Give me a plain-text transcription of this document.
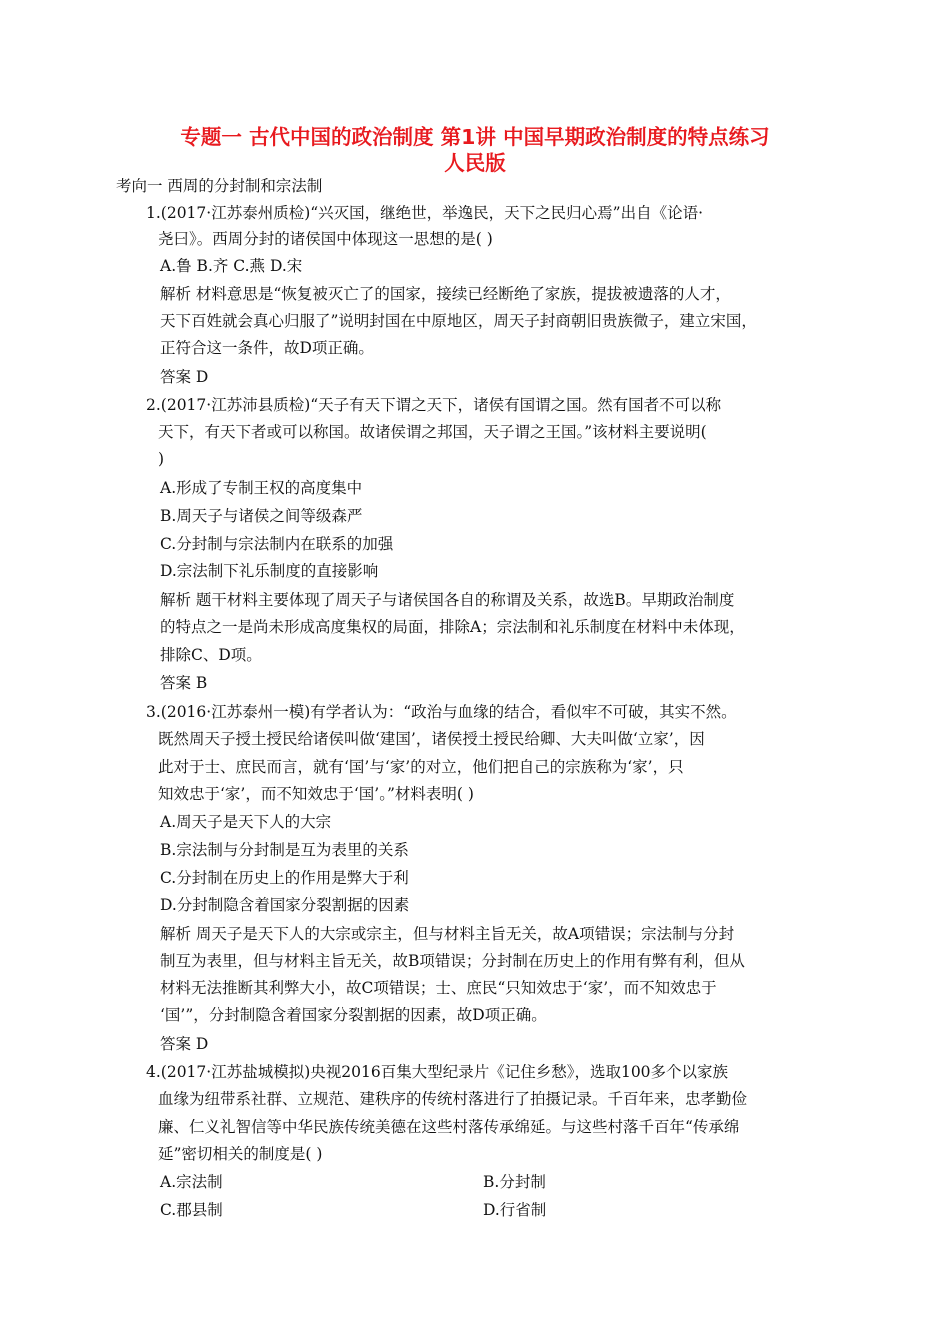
专题一 古代中国的政治制度 第1讲 中国早期政治制度的特点练习
人民版
考向一 西周的分封制和宗法制
1.(2017·江苏泰州质检)“兴灭国，继绝世，举逸民，天下之民归心焉”出自《论语·
尧曰》。西周分封的诸侯国中体现这一思想的是( )
A.鲁 B.齐 C.燕 D.宋
解析 材料意思是“恢复被灭亡了的国家，接续已经断绝了家族，提拔被遗落的人才，
天下百姓就会真心归服了”说明封国在中原地区，周天子封商朝旧贵族微子，建立宋国，
正符合这一条件，故D项正确。
答案 D
2.(2017·江苏沛县质检)“天子有天下谓之天下，诸侯有国谓之国。然有国者不可以称
天下，有天下者或可以称国。故诸侯谓之邦国，天子谓之王国。”该材料主要说明(
)
A.形成了专制王权的高度集中
B.周天子与诸侯之间等级森严
C.分封制与宗法制内在联系的加强
D.宗法制下礼乐制度的直接影响
解析 题干材料主要体现了周天子与诸侯国各自的称谓及关系，故选B。早期政治制度
的特点之一是尚未形成高度集权的局面，排除A；宗法制和礼乐制度在材料中未体现，
排除C、D项。
答案 B
3.(2016·江苏泰州一模)有学者认为：“政治与血缘的结合，看似牢不可破，其实不然。
既然周天子授土授民给诸侯叫做‘建国’，诸侯授土授民给卿、大夫叫做‘立家’，因
此对于士、庶民而言，就有‘国’与‘家’的对立，他们把自己的宗族称为‘家’，只
知效忠于‘家’，而不知效忠于‘国’。”材料表明( )
A.周天子是天下人的大宗
B.宗法制与分封制是互为表里的关系
C.分封制在历史上的作用是弊大于利
D.分封制隐含着国家分裂割据的因素
解析 周天子是天下人的大宗或宗主，但与材料主旨无关，故A项错误；宗法制与分封
制互为表里，但与材料主旨无关，故B项错误；分封制在历史上的作用有弊有利，但从
材料无法推断其利弊大小，故C项错误；士、庶民“只知效忠于‘家’，而不知效忠于
‘国’”，分封制隐含着国家分裂割据的因素，故D项正确。
答案 D
4.(2017·江苏盐城模拟)央视2016百集大型纪录片《记住乡愁》，选取100多个以家族
血缘为纽带系社群、立规范、建秩序的传统村落进行了拍摄记录。千百年来，忠孝勤俭
廉、仁义礼智信等中华民族传统美德在这些村落传承绵延。与这些村落千百年“传承绵
延”密切相关的制度是( )
A.宗法制	B.分封制
C.郡县制	D.行省制
